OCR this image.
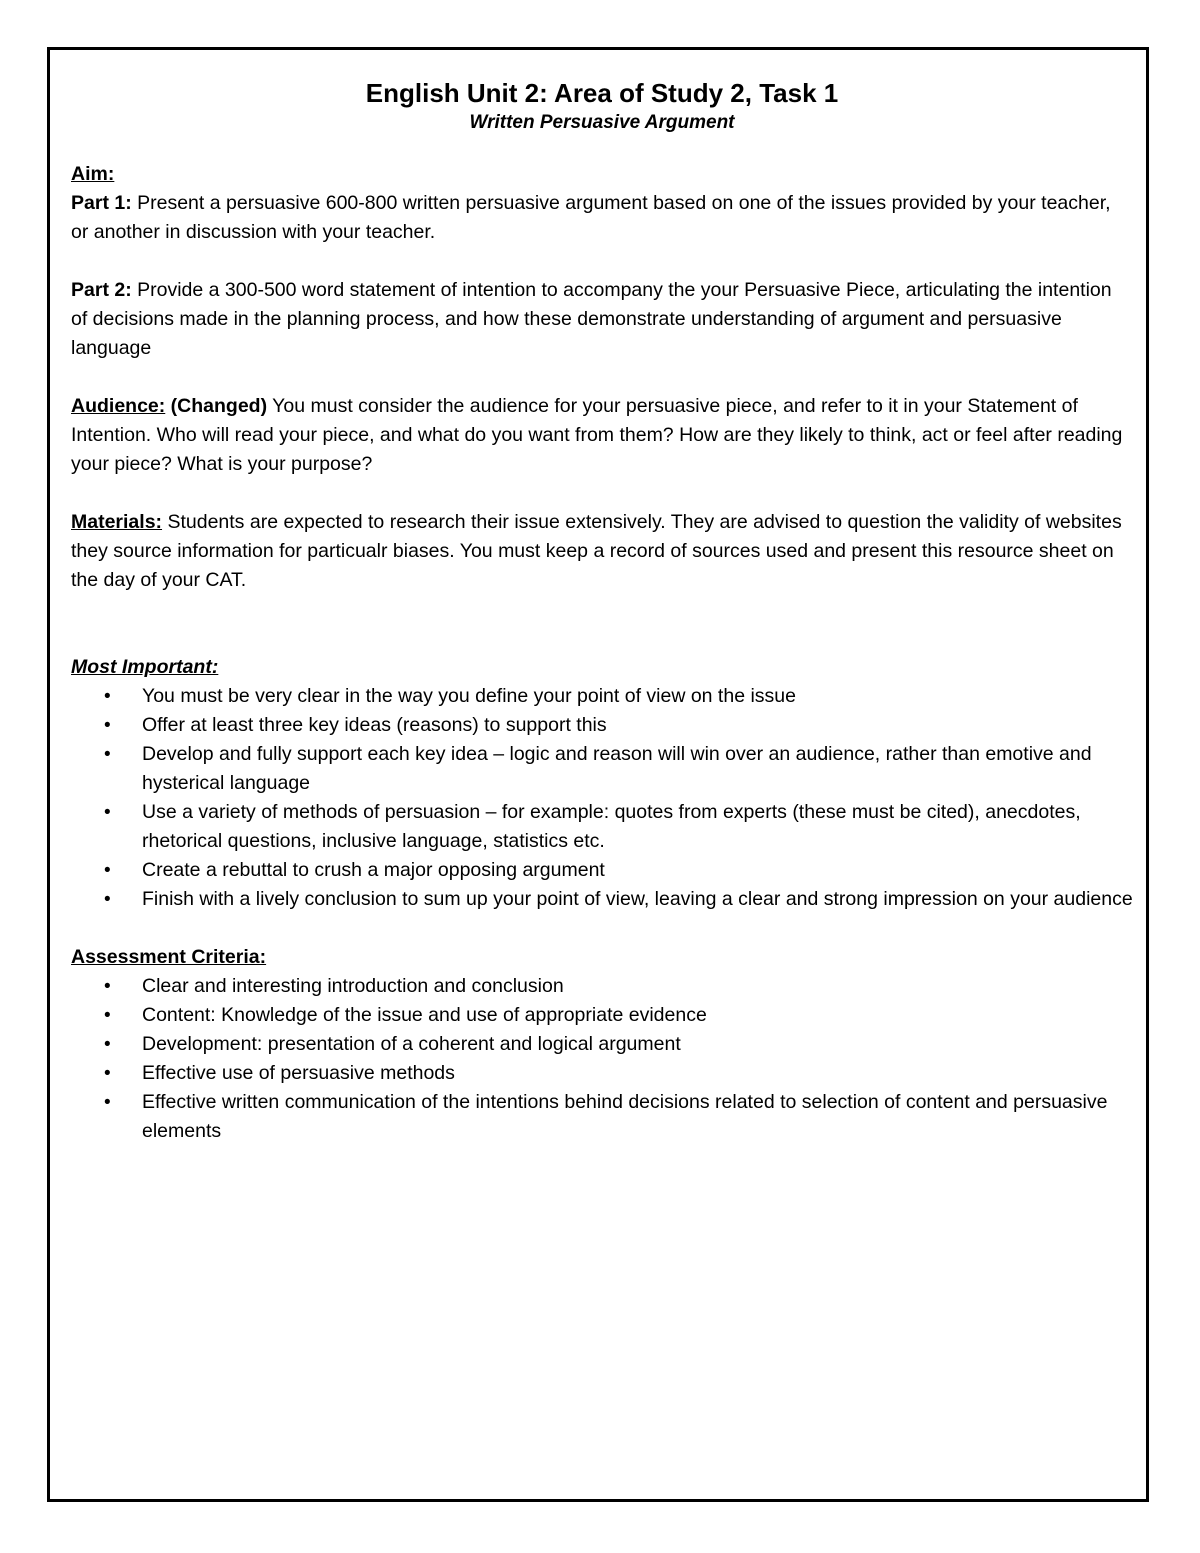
English Unit 2: Area of Study 2, Task 1

Written Persuasive Argument

Aim:

Part 1: Present a persuasive 600-800 written persuasive argument based on one of the issues provided by your teacher, or another in discussion with your teacher.

Part 2: Provide a 300-500 word statement of intention to accompany the your Persuasive Piece, articulating the intention of decisions made in the planning process, and how these demonstrate understanding of argument and persuasive language

Audience: (Changed) You must consider the audience for your persuasive piece, and refer to it in your Statement of Intention. Who will read your piece, and what do you want from them? How are they likely to think, act or feel after reading your piece? What is your purpose?

Materials: Students are expected to research their issue extensively. They are advised to question the validity of websites they source information for particualr biases. You must keep a record of sources used and present this resource sheet on the day of your CAT.

Most Important:

• You must be very clear in the way you define your point of view on the issue
• Offer at least three key ideas (reasons) to support this
• Develop and fully support each key idea – logic and reason will win over an audience, rather than emotive and hysterical language
• Use a variety of methods of persuasion – for example: quotes from experts (these must be cited), anecdotes, rhetorical questions, inclusive language, statistics etc.
• Create a rebuttal to crush a major opposing argument
• Finish with a lively conclusion to sum up your point of view, leaving a clear and strong impression on your audience

Assessment Criteria:

• Clear and interesting introduction and conclusion
• Content: Knowledge of the issue and use of appropriate evidence
• Development: presentation of a coherent and logical argument
• Effective use of persuasive methods
• Effective written communication of the intentions behind decisions related to selection of content and persuasive elements
